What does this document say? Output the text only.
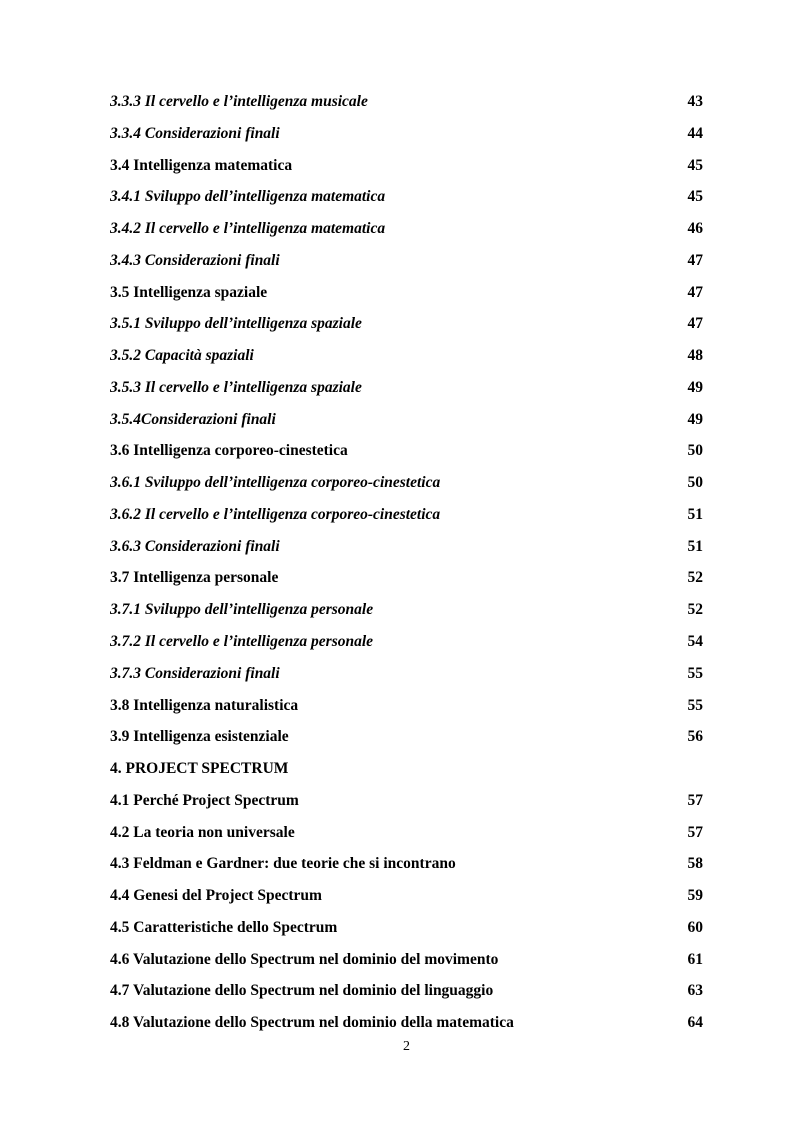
3.3.3 Il cervello e l’intelligenza musicale	43
3.3.4 Considerazioni finali	44
3.4 Intelligenza matematica	45
3.4.1 Sviluppo dell’intelligenza matematica	45
3.4.2 Il cervello e l’intelligenza matematica	46
3.4.3 Considerazioni finali	47
3.5 Intelligenza spaziale	47
3.5.1 Sviluppo dell’intelligenza spaziale	47
3.5.2 Capacità spaziali	48
3.5.3 Il cervello e l’intelligenza spaziale	49
3.5.4Considerazioni finali	49
3.6 Intelligenza corporeo-cinestetica	50
3.6.1 Sviluppo dell’intelligenza corporeo-cinestetica	50
3.6.2 Il cervello e l’intelligenza corporeo-cinestetica	51
3.6.3 Considerazioni finali	51
3.7 Intelligenza personale	52
3.7.1 Sviluppo dell’intelligenza personale	52
3.7.2 Il cervello e l’intelligenza personale	54
3.7.3 Considerazioni finali	55
3.8 Intelligenza naturalistica	55
3.9 Intelligenza esistenziale	56
4. PROJECT SPECTRUM
4.1 Perché Project Spectrum	57
4.2 La teoria non universale	57
4.3 Feldman e Gardner: due teorie che si incontrano	58
4.4 Genesi del Project Spectrum	59
4.5 Caratteristiche dello Spectrum	60
4.6 Valutazione dello Spectrum nel dominio del movimento	61
4.7 Valutazione dello Spectrum nel dominio del linguaggio	63
4.8 Valutazione dello Spectrum nel dominio della matematica	64
2
